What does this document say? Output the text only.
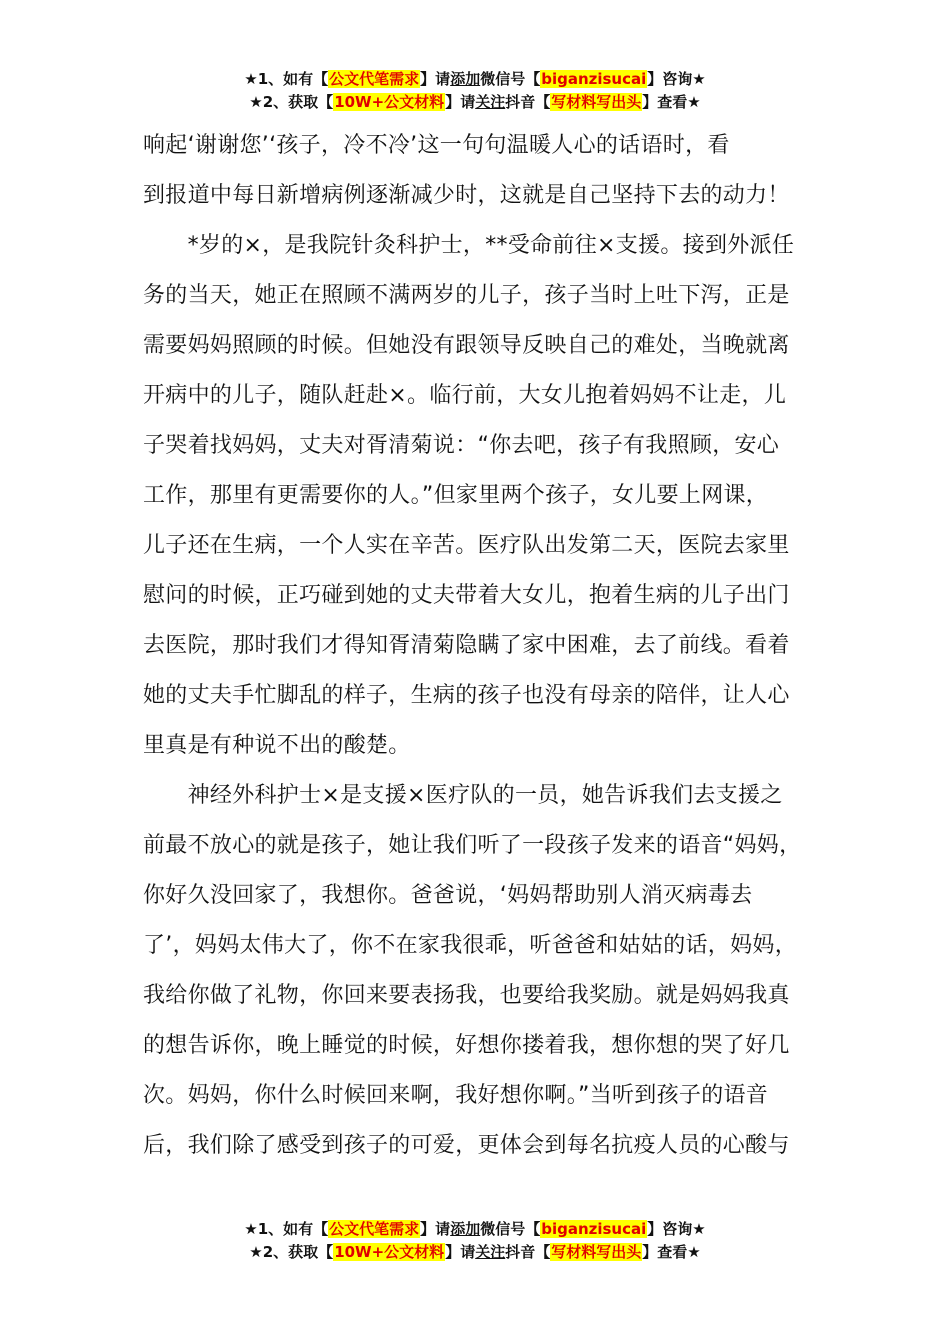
★1、如有【公文代笔需求】请添加微信号【biganzisucai】咨询★
★2、获取【10W+公文材料】请关注抖音【写材料写出头】查看★
响起‘谢谢您’‘孩子，冷不冷’这一句句温暖人心的话语时，看
到报道中每日新增病例逐渐减少时，这就是自己坚持下去的动力！
　　*岁的×，是我院针灸科护士，**受命前往×支援。接到外派任
务的当天，她正在照顾不满两岁的儿子，孩子当时上吐下泻，正是
需要妈妈照顾的时候。但她没有跟领导反映自己的难处，当晚就离
开病中的儿子，随队赶赴×。临行前，大女儿抱着妈妈不让走，儿
子哭着找妈妈，丈夫对胥清菊说：“你去吧，孩子有我照顾，安心
工作，那里有更需要你的人。”但家里两个孩子，女儿要上网课，
儿子还在生病，一个人实在辛苦。医疗队出发第二天，医院去家里
慰问的时候，正巧碰到她的丈夫带着大女儿，抱着生病的儿子出门
去医院，那时我们才得知胥清菊隐瞒了家中困难，去了前线。看着
她的丈夫手忙脚乱的样子，生病的孩子也没有母亲的陪伴，让人心
里真是有种说不出的酸楚。
　　神经外科护士×是支援×医疗队的一员，她告诉我们去支援之
前最不放心的就是孩子，她让我们听了一段孩子发来的语音“妈妈，
你好久没回家了，我想你。爸爸说，‘妈妈帮助别人消灭病毒去
了’，妈妈太伟大了，你不在家我很乖，听爸爸和姑姑的话，妈妈，
我给你做了礼物，你回来要表扬我，也要给我奖励。就是妈妈我真
的想告诉你，晚上睡觉的时候，好想你搂着我，想你想的哭了好几
次。妈妈，你什么时候回来啊，我好想你啊。”当听到孩子的语音
后，我们除了感受到孩子的可爱，更体会到每名抗疫人员的心酸与
★1、如有【公文代笔需求】请添加微信号【biganzisucai】咨询★
★2、获取【10W+公文材料】请关注抖音【写材料写出头】查看★
